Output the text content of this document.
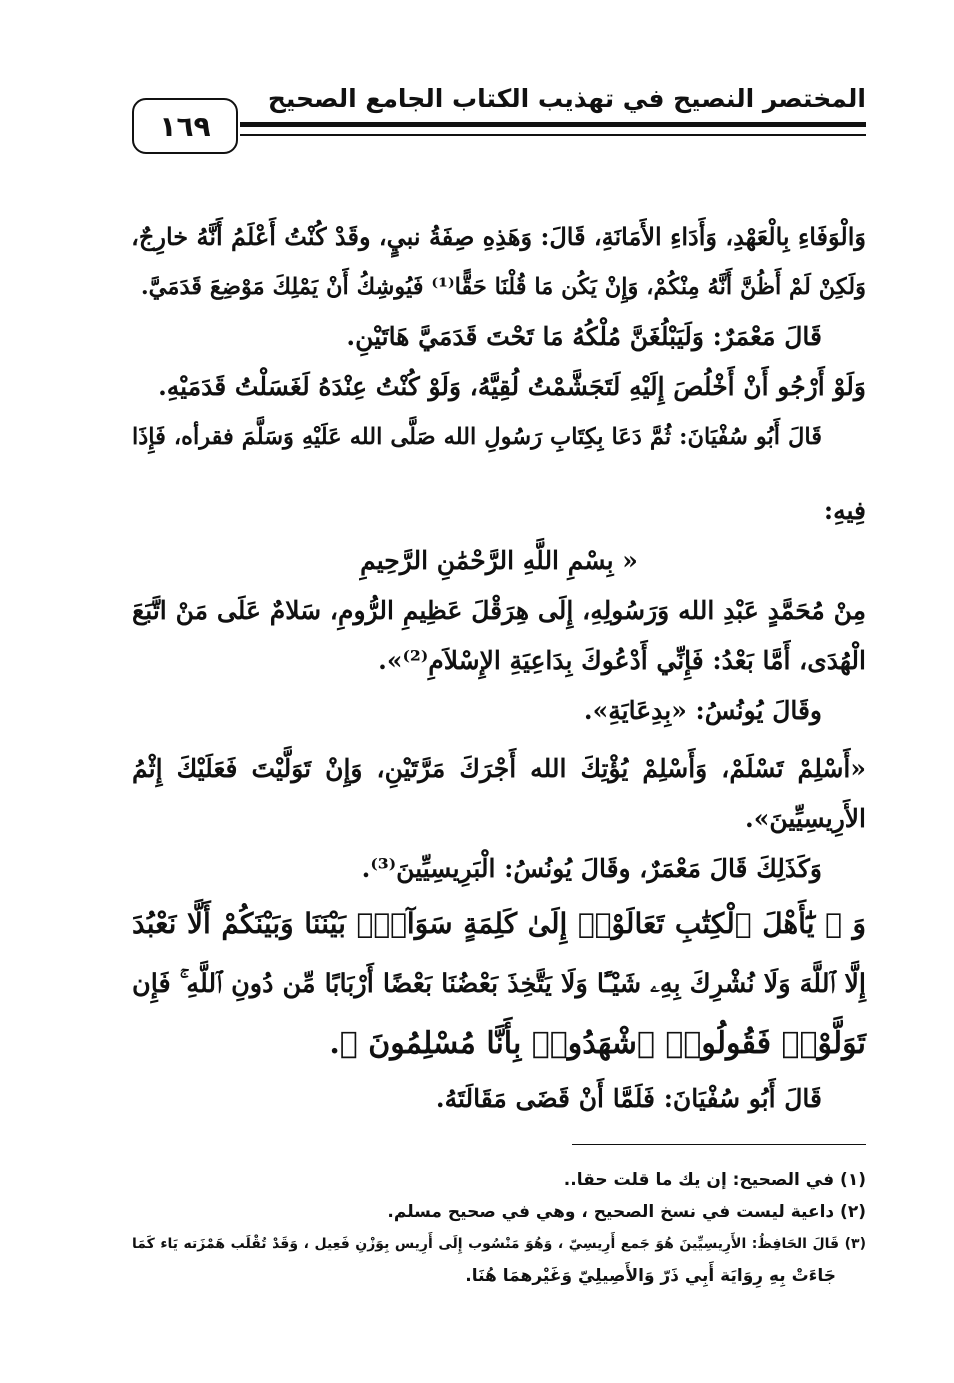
١٦٩
المختصر النصيح في تهذيب الكتاب الجامع الصحيح
وَالْوَفَاءِ بِالْعَهْدِ، وَأَدَاءِ الأَمَانَةِ، قَالَ: وَهَذِهِ صِفَةُ نبيٍ، وقَدْ كُنْتُ أَعْلَمُ أَنَّهُ خارِجٌ،
وَلَكِنْ لَمْ أَظُنَّ أَنَّهُ مِنْكُمْ، وَإِنْ يَكُن مَا قُلْنَا حَقًّا⁽¹⁾ فَيُوشِكُ أَنْ يَمْلِكَ مَوْضِعَ قَدَمَيَّ.
قَالَ مَعْمَرٌ: وَلَيَبْلُغَنَّ مُلْكُهُ مَا تَحْتَ قَدَمَيَّ هَاتَيْنِ.
وَلَوْ أَرْجُو أَنْ أَخْلُصَ إِلَيْهِ لَتَجَشَّمْتُ لُقِيَّهُ، وَلَوْ كُنْتُ عِنْدَهُ لَغَسَلْتُ قَدَمَيْهِ.
قَالَ أَبُو سُفْيَانَ: ثُمَّ دَعَا بِكِتَابِ رَسُولِ الله صَلَّى الله عَلَيْهِ وَسَلَّمَ فقرأه، فَإِذَا
فِيهِ:
« بِسْمِ اللَّهِ الرَّحْمَٰنِ الرَّحِيمِ
مِنْ مُحَمَّدٍ عَبْدِ الله وَرَسُولِهِ، إِلَى هِرَقْلَ عَظِيمِ الرُّومِ، سَلامٌ عَلَى مَنْ اتَّبَعَ
الْهُدَى، أَمَّا بَعْدُ: فَإِنِّي أَدْعُوكَ بِدَاعِيَةِ الإِسْلاَمِ⁽²⁾».
وقَالَ يُونُسُ: «بِدِعَايَةِ».
«أَسْلِمْ تَسْلَمْ، وَأَسْلِمْ يُؤْتِكَ الله أَجْرَكَ مَرَّتَيْنِ، وَإِنْ تَوَلَّيْتَ فَعَلَيْكَ إِثْمُ
الأَرِيسِيِّينَ».
وَكَذَلِكَ قَالَ مَعْمَرٌ، وقَالَ يُونُسُ: الْبَرِيسِيِّينَ⁽³⁾.
وَ ﴿ يَٰٓأَهْلَ ٱلْكِتَٰبِ تَعَالَوْا۟ إِلَىٰ كَلِمَةٍ سَوَآءٍۭ بَيْنَنَا وَبَيْنَكُمْ أَلَّا نَعْبُدَ
إِلَّا ٱللَّهَ وَلَا نُشْرِكَ بِهِۦ شَيْـًٔا وَلَا يَتَّخِذَ بَعْضُنَا بَعْضًا أَرْبَابًا مِّن دُونِ ٱللَّهِ ۚ فَإِن
تَوَلَّوْا۟ فَقُولُوا۟ ٱشْهَدُوا۟ بِأَنَّا مُسْلِمُونَ ﴾.
قَالَ أَبُو سُفْيَانَ: فَلَمَّا أَنْ قَضَى مَقَالَتَهُ.
(١) في الصحيح: إن يك ما قلت حقا..
(٢) داعية ليست في نسخ الصحيح ، وهي في صحيح مسلم.
(٣) قَالَ الحَافِظُ: الأَرِيسِيِّينَ هُوَ جَمع أَرِيسِيّ ، وَهُوَ مَنْسُوب إِلَى أَرِيس بِوَزْنِ فَعِيل ، وَقَدْ تُقْلَب هَمْزَته يَاء كَمَا
جَاءَتْ بِهِ رِوَايَة أَبِي ذَرّ وَالأَصِيلِيّ وَغَيْرهمَا هُنَا.
